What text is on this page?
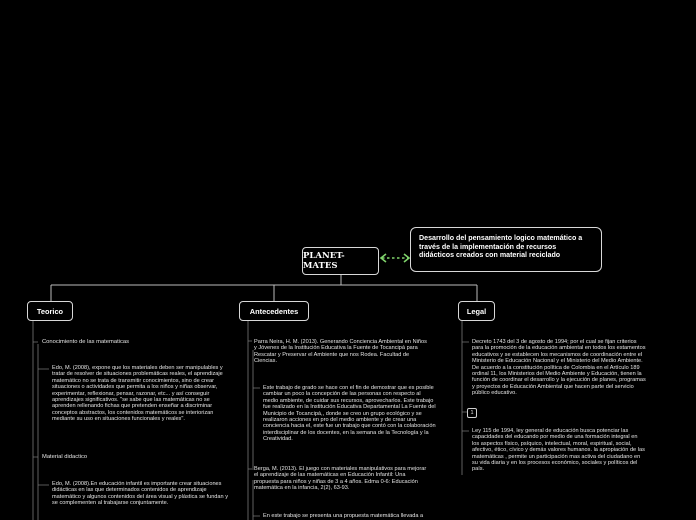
PLANET-MATES
Desarrollo del pensamiento logico matemático a través de la implementación de recursos didácticos creados con material reciclado
Teorico	Antecedentes	Legal
Conocimiento de las matematicas
Edo, M. (2008), expone que los materiales deben ser manipulables y tratar de resolver de situaciones problemáticas reales, el aprendizaje matemático no se trata de transmitir conocimientos, sino de crear situaciones o actividades que permita a los niños y niñas observar, experimentar, reflexionar, pensar, razonar, etc... y así conseguir aprendizajes significativos. "se sabe que las matemáticas no se aprenden rellenando fichas que pretenden enseñar a discriminar conceptos abstractos, los contenidos matemáticos se interiorizan mediante su uso en situaciones funcionales y reales".
Material didactico
Edo, M. (2008).En educación infantil es importante crear situaciones didácticas en las que determinados contenidos de aprendizaje matemático y algunos contenidos del área visual y plástica se fundan y se complementen al trabajarse conjuntamente.
Parra Neira, H. M. (2013). Generando Conciencia Ambiental en Niños y Jóvenes de la Institución Educativa la Fuente de Tocancipá para Rescatar y Preservar el Ambiente que nos Rodea. Facultad de Ciencias.
Este trabajo de grado se hace con el fin de demostrar que es posible cambiar un poco la concepción de las personas con respecto al medio ambiente, de cuidar sus recursos, aprovecharlos. Este trabajo fue realizado en la Institución Educativa Departamental La Fuente del Municipio de Tocancipá,, donde se creo un grupo ecológico y se realizaron acciones en pro del medio ambiente y de crear una conciencia hacia el, este fue un trabajo que contó con la colaboración interdisciplinar de los docentes, en la semana de la Tecnología y la Creatividad.
Berga, M. (2013). El juego con materiales manipulativos para mejorar el aprendizaje de las matemáticas en Educación Infantil: Una propuesta para niños y niñas de 3 a 4 años. Edma 0-6: Educación matemática en la infancia, 2(2), 63-93.
En este trabajo se presenta una propuesta matemática llevada a
Decreto 1743 del 3 de agosto de 1994; por el cual se fijan criterios para la promoción de la educación ambiental en todos los estamentos educativos y se establecen los mecanismos de coordinación entre el Ministerio de Educación Nacional y el Ministerio del Medio Ambiente. De acuerdo a la constitución política de Colombia en el Artículo 189 ordinal 11, los Ministerios del Medio Ambiente y Educación, tienen la función de coordinar el desarrollo y la ejecución de planes, programas y proyectos de Educación Ambiental que hacen parte del servicio público educativo.
1
Ley 115 de 1994, ley general de educación busca potenciar las capacidades del educando por medio de una formación integral en los aspectos físico, psíquico, intelectual, moral, espiritual, social, afectivo, ético, cívico y demás valores humanos. la apropiación de las matemáticas , permite un participación mas activa del ciudadano en su vida diaria y en los procesos económico, sociales y políticos del país.
